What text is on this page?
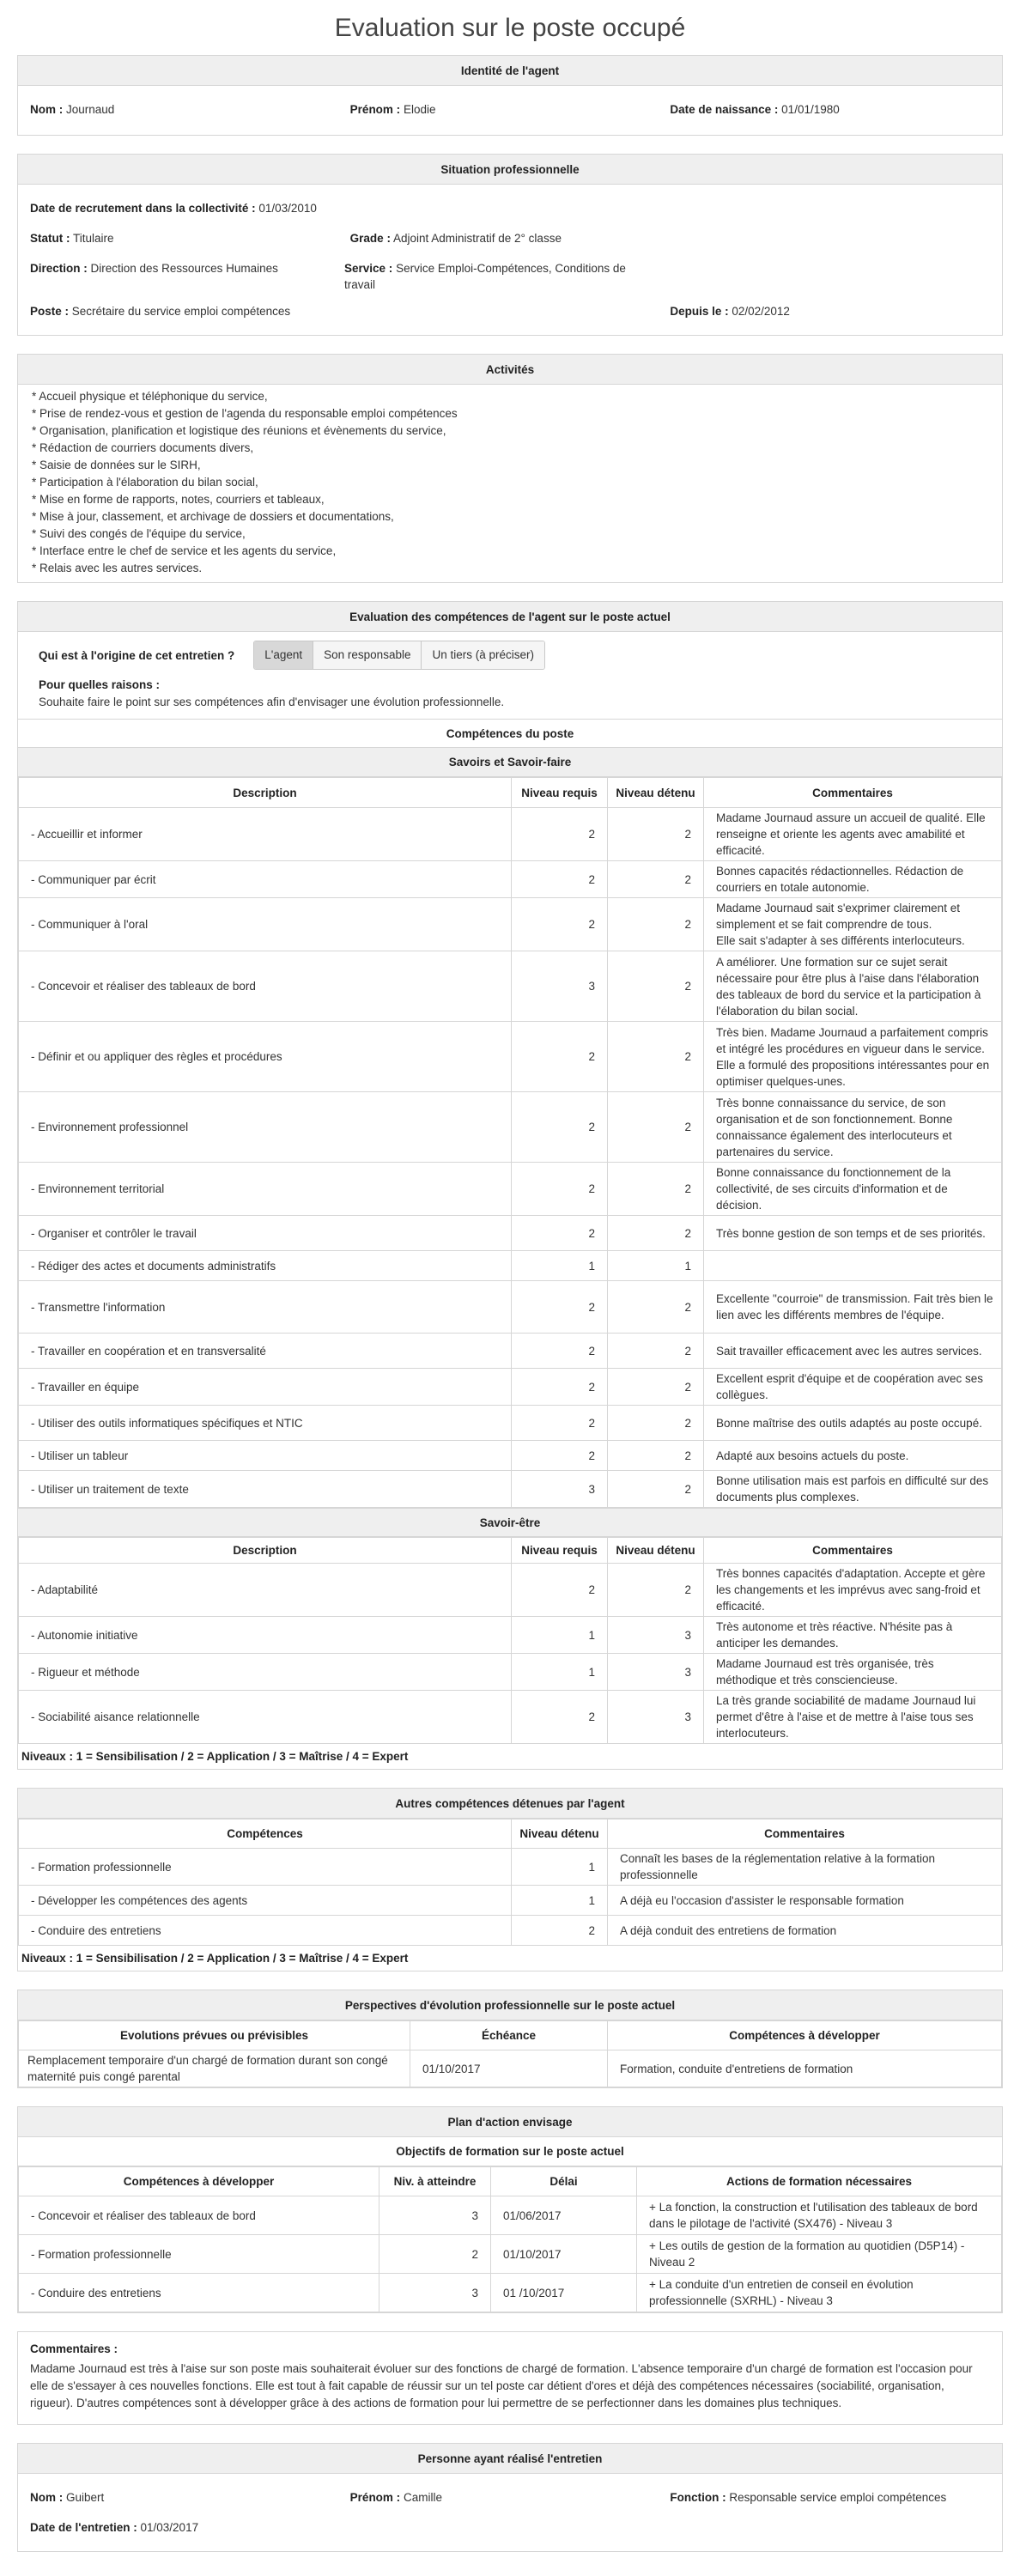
Evaluation sur le poste occupé
Identité de l'agent
Nom : Journaud	Prénom : Elodie	Date de naissance : 01/01/1980
Situation professionnelle
Date de recrutement dans la collectivité : 01/03/2010
Statut : Titulaire	Grade : Adjoint Administratif de 2° classe
Direction : Direction des Ressources Humaines	Service : Service Emploi-Compétences, Conditions de travail
Poste : Secrétaire du service emploi compétences	Depuis le : 02/02/2012
Activités
* Accueil physique et téléphonique du service,
* Prise de rendez-vous et gestion de l'agenda du responsable emploi compétences
* Organisation, planification et logistique des réunions et évènements du service,
* Rédaction de courriers documents divers,
* Saisie de données sur le SIRH,
* Participation à l'élaboration du bilan social,
* Mise en forme de rapports, notes, courriers et tableaux,
* Mise à jour, classement, et archivage de dossiers et documentations,
* Suivi des congés de l'équipe du service,
* Interface entre le chef de service et les agents du service,
* Relais avec les autres services.
Evaluation des compétences de l'agent sur le poste actuel
Qui est à l'origine de cet entretien ?	L'agent	Son responsable	Un tiers (à préciser)
Pour quelles raisons :
Souhaite faire le point sur ses compétences afin d'envisager une évolution professionnelle.
Compétences du poste
Savoirs et Savoir-faire
Description	Niveau requis	Niveau détenu	Commentaires
- Accueillir et informer	2	2	Madame Journaud assure un accueil de qualité. Elle renseigne et oriente les agents avec amabilité et efficacité.
- Communiquer par écrit	2	2	Bonnes capacités rédactionnelles. Rédaction de courriers en totale autonomie.
- Communiquer à l'oral	2	2	Madame Journaud sait s'exprimer clairement et simplement et se fait comprendre de tous.
Elle sait s'adapter à ses différents interlocuteurs.
- Concevoir et réaliser des tableaux de bord	3	2	A améliorer. Une formation sur ce sujet serait nécessaire pour être plus à l'aise dans l'élaboration des tableaux de bord du service et la participation à l'élaboration du bilan social.
- Définir et ou appliquer des règles et procédures	2	2	Très bien. Madame Journaud a parfaitement compris et intégré les procédures en vigueur dans le service. Elle a formulé des propositions intéressantes pour en optimiser quelques-unes.
- Environnement professionnel	2	2	Très bonne connaissance du service, de son organisation et de son fonctionnement. Bonne connaissance également des interlocuteurs et partenaires du service.
- Environnement territorial	2	2	Bonne connaissance du fonctionnement de la collectivité, de ses circuits d'information et de décision.
- Organiser et contrôler le travail	2	2	Très bonne gestion de son temps et de ses priorités.
- Rédiger des actes et documents administratifs	1	1	
- Transmettre l'information	2	2	Excellente "courroie" de transmission. Fait très bien le lien avec les différents membres de l'équipe.
- Travailler en coopération et en transversalité	2	2	Sait travailler efficacement avec les autres services.
- Travailler en équipe	2	2	Excellent esprit d'équipe et de coopération avec ses collègues.
- Utiliser des outils informatiques spécifiques et NTIC	2	2	Bonne maîtrise des outils adaptés au poste occupé.
- Utiliser un tableur	2	2	Adapté aux besoins actuels du poste.
- Utiliser un traitement de texte	3	2	Bonne utilisation mais est parfois en difficulté sur des documents plus complexes.
Savoir-être
Description	Niveau requis	Niveau détenu	Commentaires
- Adaptabilité	2	2	Très bonnes capacités d'adaptation. Accepte et gère les changements et les imprévus avec sang-froid et efficacité.
- Autonomie initiative	1	3	Très autonome et très réactive. N'hésite pas à anticiper les demandes.
- Rigueur et méthode	1	3	Madame Journaud est très organisée, très méthodique et très consciencieuse.
- Sociabilité aisance relationnelle	2	3	La très grande sociabilité de madame Journaud lui permet d'être à l'aise et de mettre à l'aise tous ses interlocuteurs.
Niveaux : 1 = Sensibilisation / 2 = Application / 3 = Maîtrise / 4 = Expert
Autres compétences détenues par l'agent
Compétences	Niveau détenu	Commentaires
- Formation professionnelle	1	Connaît les bases de la réglementation relative à la formation professionnelle
- Développer les compétences des agents	1	A déjà eu l'occasion d'assister le responsable formation
- Conduire des entretiens	2	A déjà conduit des entretiens de formation
Niveaux : 1 = Sensibilisation / 2 = Application / 3 = Maîtrise / 4 = Expert
Perspectives d'évolution professionnelle sur le poste actuel
Evolutions prévues ou prévisibles	Échéance	Compétences à développer
Remplacement temporaire d'un chargé de formation durant son congé maternité puis congé parental	01/10/2017	Formation, conduite d'entretiens de formation
Plan d'action envisage
Objectifs de formation sur le poste actuel
Compétences à développer	Niv. à atteindre	Délai	Actions de formation nécessaires
- Concevoir et réaliser des tableaux de bord	3	01/06/2017	+ La fonction, la construction et l'utilisation des tableaux de bord dans le pilotage de l'activité (SX476) - Niveau 3
- Formation professionnelle	2	01/10/2017	+ Les outils de gestion de la formation au quotidien (D5P14) - Niveau 2
- Conduire des entretiens	3	01 /10/2017	+ La conduite d'un entretien de conseil en évolution professionnelle (SXRHL) - Niveau 3
Commentaires :
Madame Journaud est très à l'aise sur son poste mais souhaiterait évoluer sur des fonctions de chargé de formation. L'absence temporaire d'un chargé de formation est l'occasion pour elle de s'essayer à ces nouvelles fonctions. Elle est tout à fait capable de réussir sur un tel poste car détient d'ores et déjà des compétences nécessaires (sociabilité, organisation, rigueur). D'autres compétences sont à développer grâce à des actions de formation pour lui permettre de se perfectionner dans les domaines plus techniques.
Personne ayant réalisé l'entretien
Nom : Guibert	Prénom : Camille	Fonction : Responsable service emploi compétences
Date de l'entretien : 01/03/2017
